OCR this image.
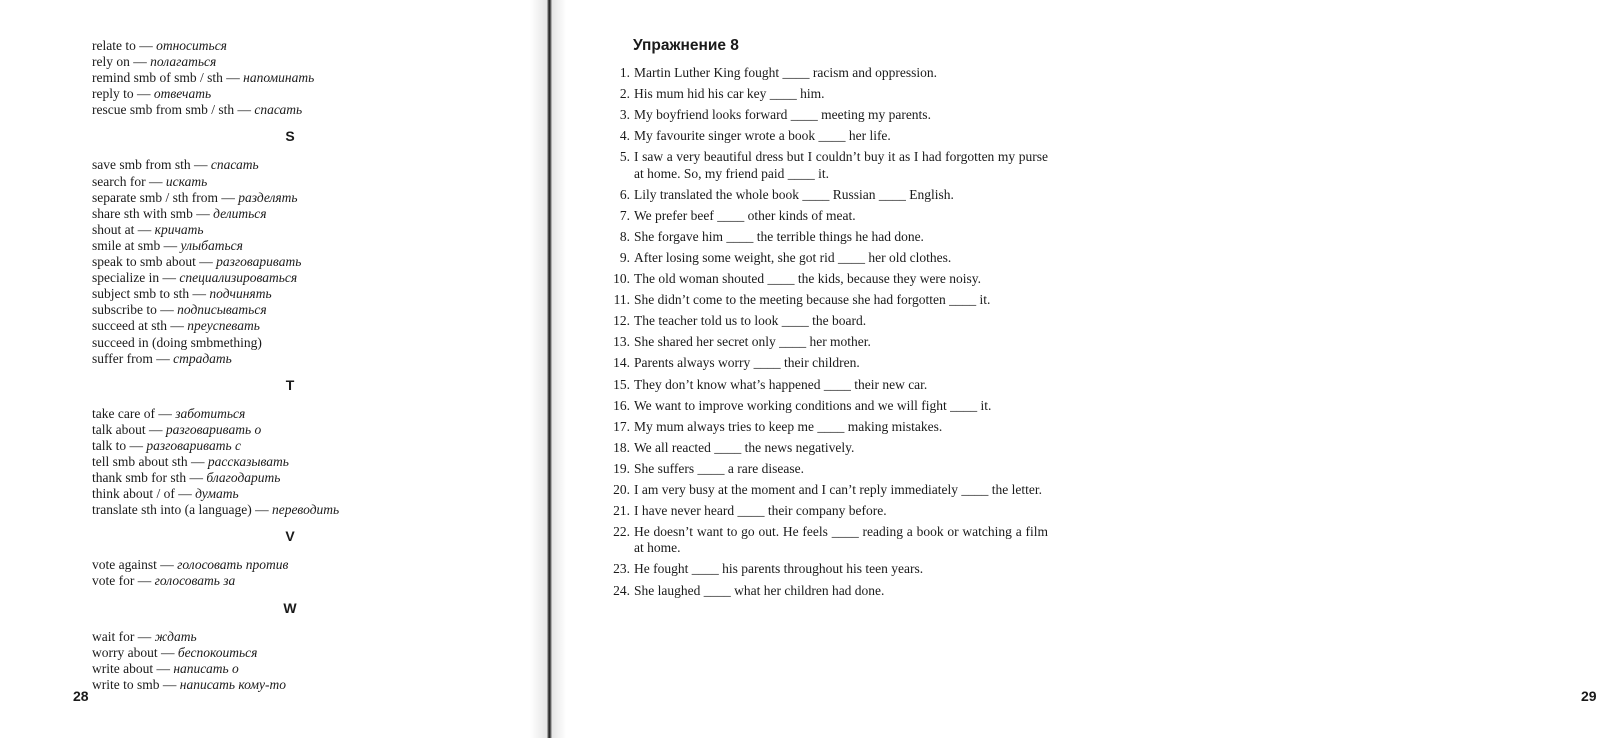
relate to — относиться
rely on — полагаться
remind smb of smb / sth — напоминать
reply to — отвечать
rescue smb from smb / sth — спасать
S
save smb from sth — спасать
search for — искать
separate smb / sth from — разделять
share sth with smb — делиться
shout at — кричать
smile at smb — улыбаться
speak to smb about — разговаривать
specialize in — специализироваться
subject smb to sth — подчинять
subscribe to — подписываться
succeed at sth — преуспевать
succeed in (doing smbmething)
suffer from — страдать
T
take care of — заботиться
talk about — разговаривать о
talk to — разговаривать с
tell smb about sth — рассказывать
thank smb for sth — благодарить
think about / of — думать
translate sth into (a language) — переводить
V
vote against — голосовать против
vote for — голосовать за
W
wait for — ждать
worry about — беспокоиться
write about — написать о
write to smb — написать кому-то
28	29
Упражнение 8
1. Martin Luther King fought ____ racism and oppression.
2. His mum hid his car key ____ him.
3. My boyfriend looks forward ____ meeting my parents.
4. My favourite singer wrote a book ____ her life.
5. I saw a very beautiful dress but I couldn’t buy it as I had forgotten my purse at home. So, my friend paid ____ it.
6. Lily translated the whole book ____ Russian ____ English.
7. We prefer beef ____ other kinds of meat.
8. She forgave him ____ the terrible things he had done.
9. After losing some weight, she got rid ____ her old clothes.
10. The old woman shouted ____ the kids, because they were noisy.
11. She didn’t come to the meeting because she had forgotten ____ it.
12. The teacher told us to look ____ the board.
13. She shared her secret only ____ her mother.
14. Parents always worry ____ their children.
15. They don’t know what’s happened ____ their new car.
16. We want to improve working conditions and we will fight ____ it.
17. My mum always tries to keep me ____ making mistakes.
18. We all reacted ____ the news negatively.
19. She suffers ____ a rare disease.
20. I am very busy at the moment and I can’t reply immediately ____ the letter.
21. I have never heard ____ their company before.
22. He doesn’t want to go out. He feels ____ reading a book or watching a film at home.
23. He fought ____ his parents throughout his teen years.
24. She laughed ____ what her children had done.
